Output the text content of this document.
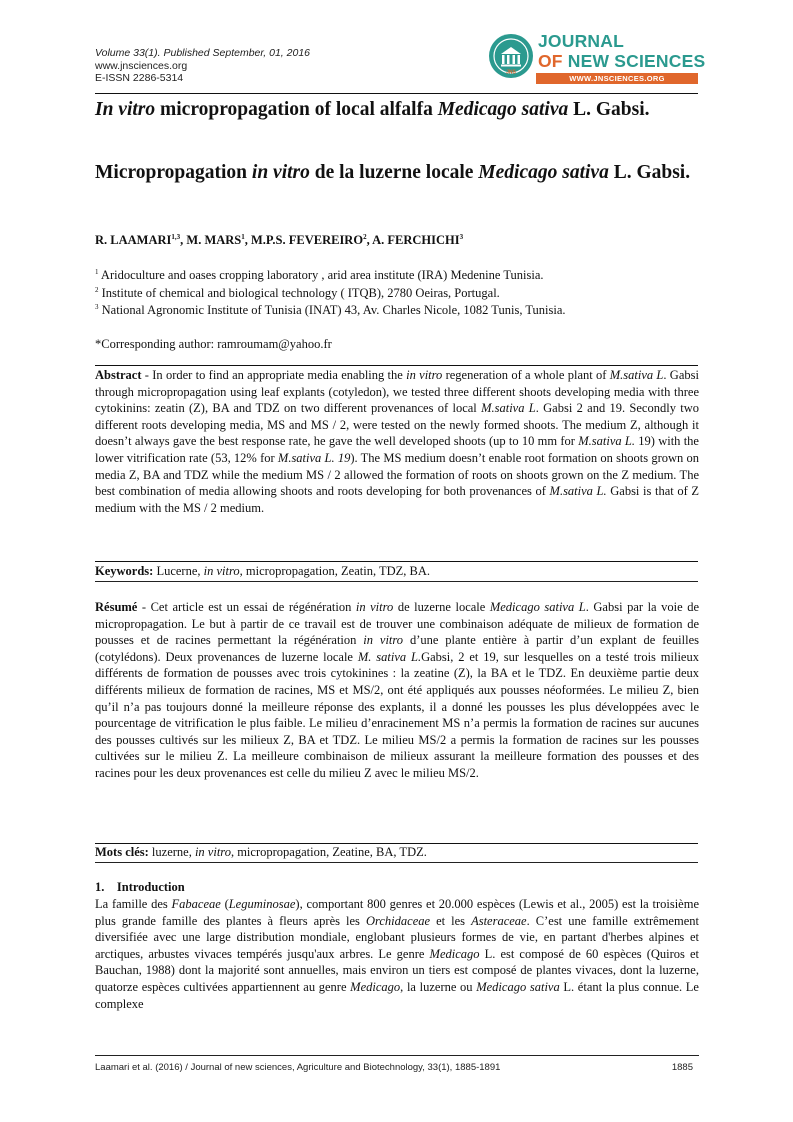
Volume 33(1). Published September, 01, 2016
www.jnsciences.org
E-ISSN 2286-5314	JNS
JOURNAL
OF NEW SCIENCES
WWW.JNSCIENCES.ORG
In vitro micropropagation of local alfalfa Medicago sativa L. Gabsi.
Micropropagation in vitro de la luzerne locale Medicago sativa L. Gabsi.
R. LAAMARI$^{1,3}$, M. MARS$^1$, M.P.S. FEVEREIRO$^2$, A. FERCHICHI$^3$
$^1$ Aridoculture and oases cropping laboratory , arid area institute (IRA) Medenine Tunisia.
$^2$ Institute of chemical and biological technology ( ITQB), 2780 Oeiras, Portugal.
$^3$ National Agronomic Institute of Tunisia (INAT) 43, Av. Charles Nicole, 1082 Tunis, Tunisia.
*Corresponding author: ramroumam@yahoo.fr
Abstract - In order to find an appropriate media enabling the in vitro regeneration of a whole plant of M.sativa L. Gabsi through micropropagation using leaf explants (cotyledon), we tested three different shoots developing media with three cytokinins: zeatin (Z), BA and TDZ on two different provenances of local M.sativa L. Gabsi 2 and 19. Secondly two different roots developing media, MS and MS / 2, were tested on the newly formed shoots. The medium Z, although it doesn’t always gave the best response rate, he gave the well developed shoots (up to 10 mm for M.sativa L. 19) with the lower vitrification rate (53, 12% for M.sativa L. 19). The MS medium doesn’t enable root formation on shoots grown on media Z, BA and TDZ while the medium MS / 2 allowed the formation of roots on shoots grown on the Z medium. The best combination of media allowing shoots and roots developing for both provenances of M.sativa L. Gabsi is that of Z medium with the MS / 2 medium.
Keywords: Lucerne, in vitro, micropropagation, Zeatin, TDZ, BA.
Résumé - Cet article est un essai de régénération in vitro de luzerne locale Medicago sativa L. Gabsi par la voie de micropropagation. Le but à partir de ce travail est de trouver une combinaison adéquate de milieux de formation de pousses et de racines permettant la régénération in vitro d’une plante entière à partir d’un explant de feuilles (cotylédons). Deux provenances de luzerne locale M. sativa L.Gabsi, 2 et 19, sur lesquelles on a testé trois milieux différents de formation de pousses avec trois cytokinines : la zeatine (Z), la BA et le TDZ. En deuxième partie deux différents milieux de formation de racines, MS et MS/2, ont été appliqués aux pousses néoformées. Le milieu Z, bien qu’il n’a pas toujours donné la meilleure réponse des explants, il a donné les pousses les plus développées avec le pourcentage de vitrification le plus faible. Le milieu d’enracinement MS n’a permis la formation de racines sur aucunes des pousses cultivés sur les milieux Z, BA et TDZ. Le milieu MS/2 a permis la formation de racines sur les pousses cultivées sur le milieu Z. La meilleure combinaison de milieux assurant la meilleure formation des pousses et des racines pour les deux provenances est celle du milieu Z avec le milieu MS/2.
Mots clés: luzerne, in vitro, micropropagation, Zeatine, BA, TDZ.
1.    Introduction
La famille des Fabaceae (Leguminosae), comportant 800 genres et 20.000 espèces (Lewis et al., 2005) est la troisième plus grande famille des plantes à fleurs après les Orchidaceae et les Asteraceae. C’est une famille extrêmement diversifiée avec une large distribution mondiale, englobant plusieurs formes de vie, en partant d'herbes alpines et arctiques, arbustes vivaces tempérés jusqu'aux arbres. Le genre Medicago L. est composé de 60 espèces (Quiros et Bauchan, 1988) dont la majorité sont annuelles, mais environ un tiers est composé de plantes vivaces, dont la luzerne, quatorze espèces cultivées appartiennent au genre Medicago, la luzerne ou Medicago sativa L. étant la plus connue. Le complexe
Laamari et al. (2016) / Journal of new sciences, Agriculture and Biotechnology, 33(1), 1885-1891	1885
